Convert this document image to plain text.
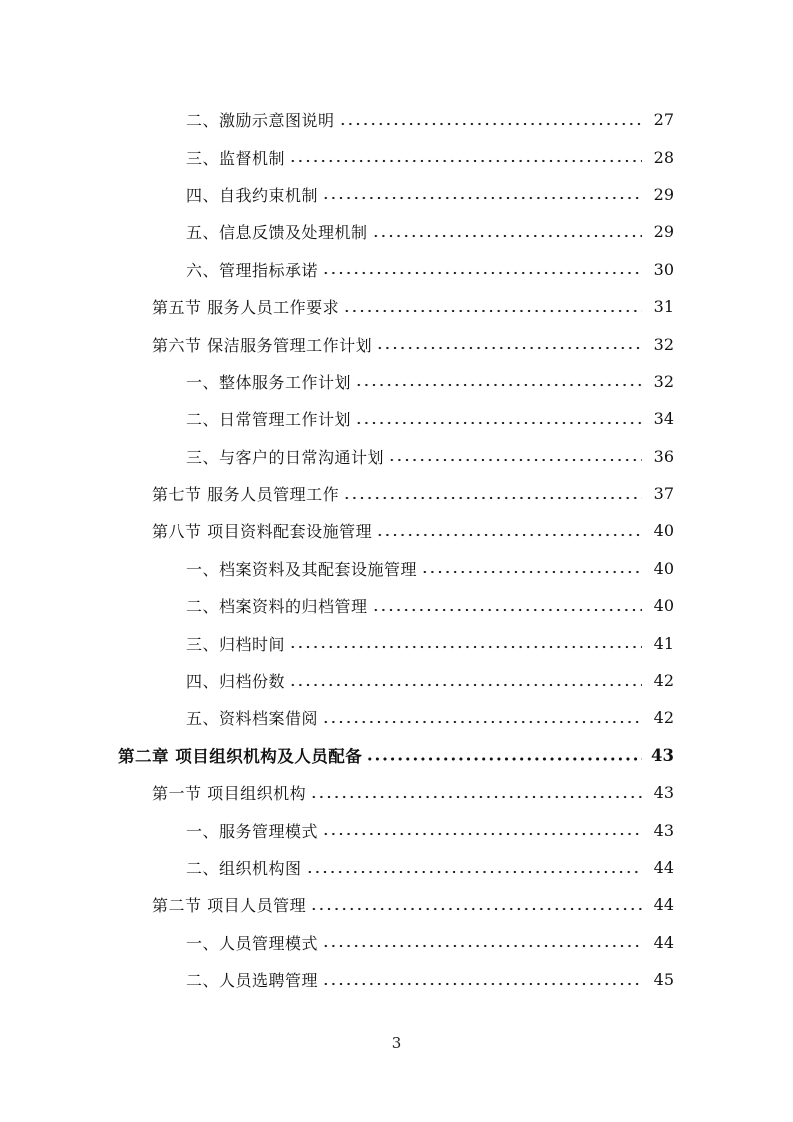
二、激励示意图说明	27
三、监督机制	28
四、自我约束机制	29
五、信息反馈及处理机制	29
六、管理指标承诺	30
第五节 服务人员工作要求	31
第六节 保洁服务管理工作计划	32
一、整体服务工作计划	32
二、日常管理工作计划	34
三、与客户的日常沟通计划	36
第七节 服务人员管理工作	37
第八节 项目资料配套设施管理	40
一、档案资料及其配套设施管理	40
二、档案资料的归档管理	40
三、归档时间	41
四、归档份数	42
五、资料档案借阅	42
第二章 项目组织机构及人员配备	43
第一节 项目组织机构	43
一、服务管理模式	43
二、组织机构图	44
第二节 项目人员管理	44
一、人员管理模式	44
二、人员选聘管理	45
3
